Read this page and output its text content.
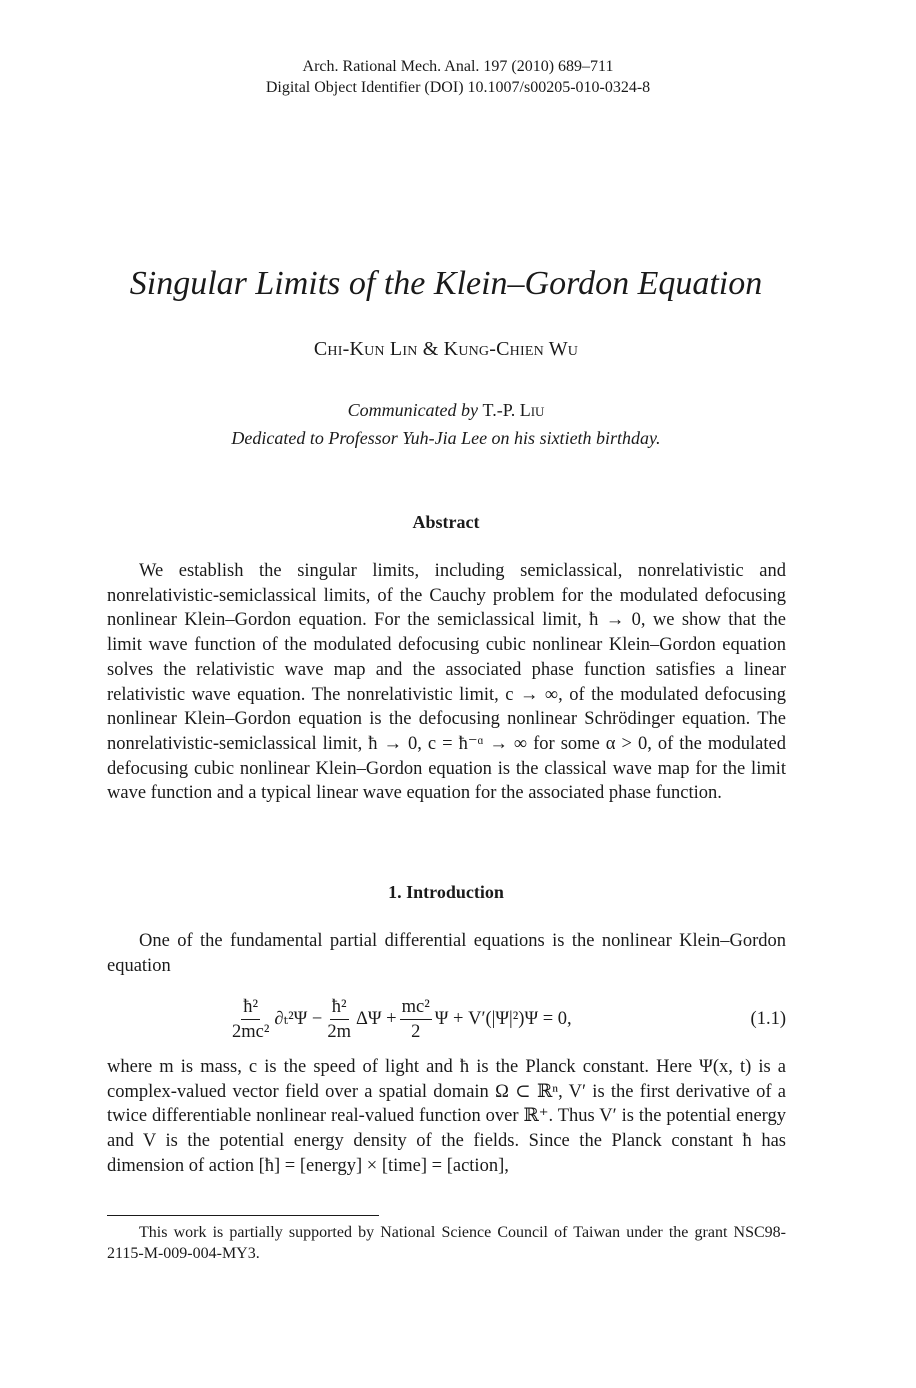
Arch. Rational Mech. Anal. 197 (2010) 689–711
Digital Object Identifier (DOI) 10.1007/s00205-010-0324-8
Singular Limits of the Klein–Gordon Equation
Chi-Kun Lin & Kung-Chien Wu
Communicated by T.-P. Liu
Dedicated to Professor Yuh-Jia Lee on his sixtieth birthday.
Abstract
We establish the singular limits, including semiclassical, nonrelativistic and nonrelativistic-semiclassical limits, of the Cauchy problem for the modulated defocusing nonlinear Klein–Gordon equation. For the semiclassical limit, ħ → 0, we show that the limit wave function of the modulated defocusing cubic nonlinear Klein–Gordon equation solves the relativistic wave map and the associated phase function satisfies a linear relativistic wave equation. The nonrelativistic limit, c → ∞, of the modulated defocusing nonlinear Klein–Gordon equation is the defocusing nonlinear Schrödinger equation. The nonrelativistic-semiclassical limit, ħ → 0, c = ħ⁻ᵅ → ∞ for some α > 0, of the modulated defocusing cubic nonlinear Klein–Gordon equation is the classical wave map for the limit wave function and a typical linear wave equation for the associated phase function.
1. Introduction
One of the fundamental partial differential equations is the nonlinear Klein–Gordon equation
$\frac{\text{ħ²}}{\text{2mc²}} \partial_t^2\Psi - \frac{\text{ħ²}}{2m}$ $\Delta\Psi + \frac{\text{mc²}}{2}$ Ψ + V′(|Ψ|²)Ψ = 0,	(1.1)
where m is mass, c is the speed of light and ħ is the Planck constant. Here Ψ(x, t) is a complex-valued vector field over a spatial domain Ω ⊂ ℝⁿ, V′ is the first derivative of a twice differentiable nonlinear real-valued function over ℝ⁺. Thus V′ is the potential energy and V is the potential energy density of the fields. Since the Planck constant ħ has dimension of action [ħ] = [energy] × [time] = [action],
This work is partially supported by National Science Council of Taiwan under the grant NSC98-2115-M-009-004-MY3.
